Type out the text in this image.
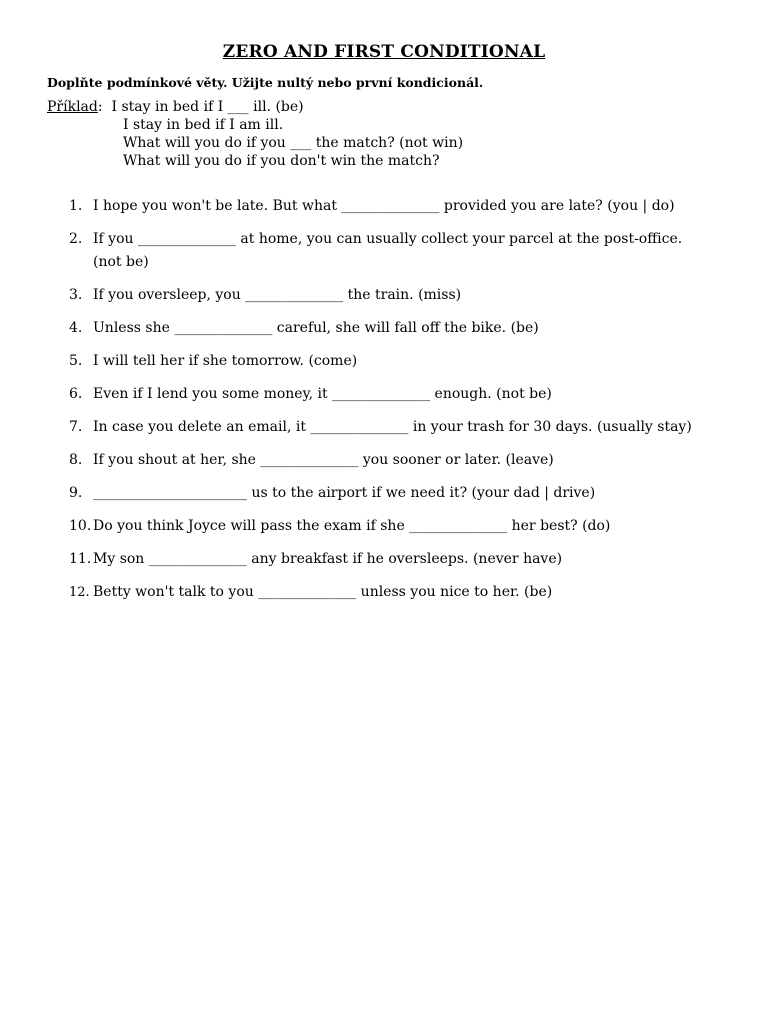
ZERO AND FIRST CONDITIONAL
Doplňte podmínkové věty. Užijte nultý nebo první kondicionál.
Příklad:  I stay in bed if I ___ ill. (be)
I stay in bed if I am ill.
What will you do if you ___ the match? (not win)
What will you do if you don't win the match?
1. I hope you won't be late. But what ______________ provided you are late? (you | do)
2. If you ______________ at home, you can usually collect your parcel at the post-office. (not be)
3. If you oversleep, you ______________ the train. (miss)
4. Unless she ______________ careful, she will fall off the bike. (be)
5. I will tell her if she tomorrow. (come)
6. Even if I lend you some money, it ______________ enough. (not be)
7. In case you delete an email, it ______________ in your trash for 30 days. (usually stay)
8. If you shout at her, she ______________ you sooner or later. (leave)
9. ______________________ us to the airport if we need it? (your dad | drive)
10. Do you think Joyce will pass the exam if she ______________ her best? (do)
11. My son ______________ any breakfast if he oversleeps. (never have)
12. Betty won't talk to you ______________ unless you nice to her. (be)
